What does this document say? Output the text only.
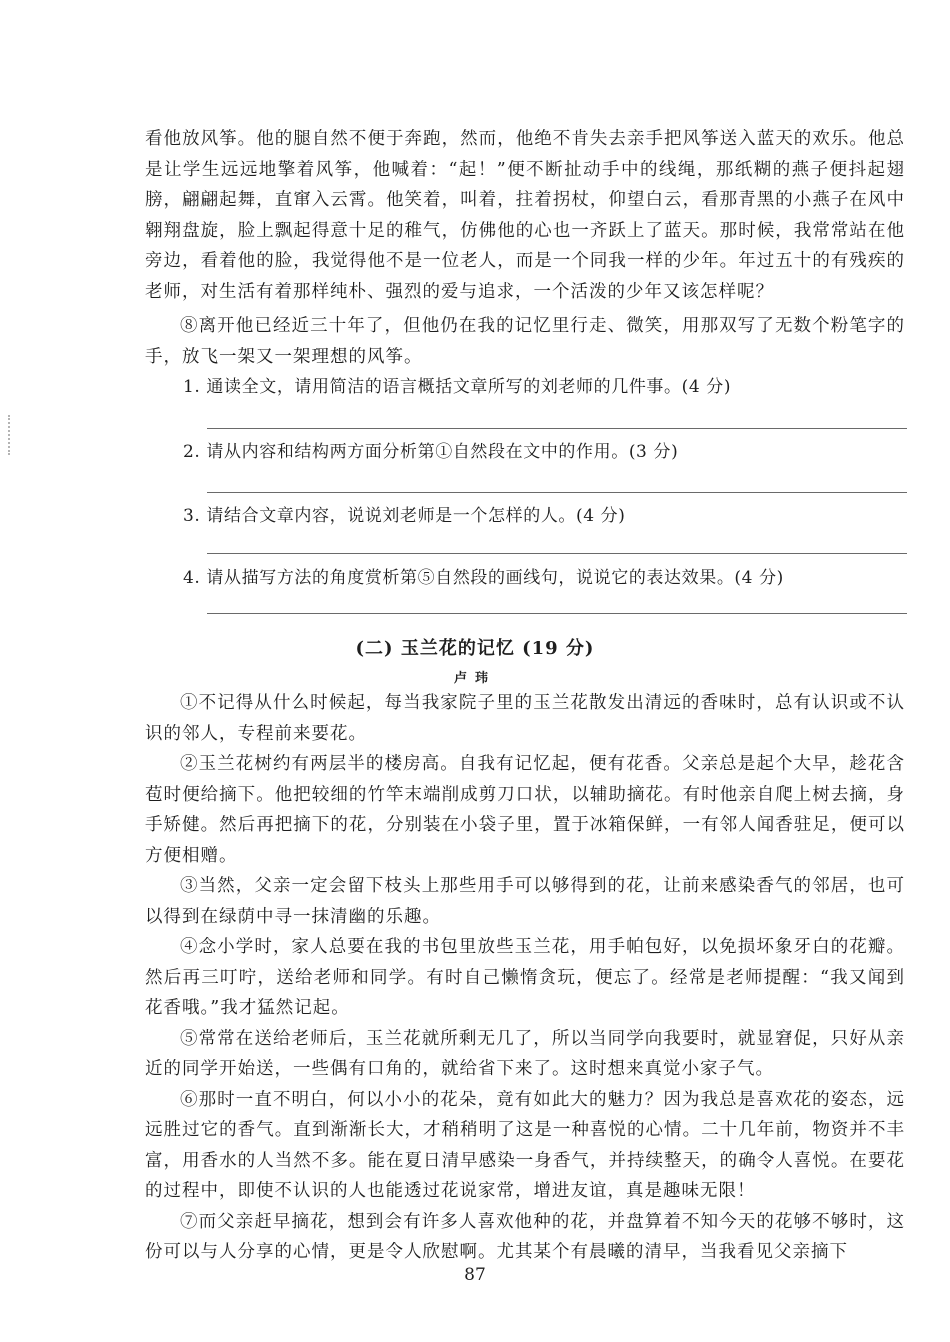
看他放风筝。他的腿自然不便于奔跑，然而，他绝不肯失去亲手把风筝送入蓝天的欢乐。他总是让学生远远地擎着风筝，他喊着：“起！”便不断扯动手中的线绳，那纸糊的燕子便抖起翅膀，翩翩起舞，直窜入云霄。他笑着，叫着，拄着拐杖，仰望白云，看那青黑的小燕子在风中翱翔盘旋，脸上飘起得意十足的稚气，仿佛他的心也一齐跃上了蓝天。那时候，我常常站在他旁边，看着他的脸，我觉得他不是一位老人，而是一个同我一样的少年。年过五十的有残疾的老师，对生活有着那样纯朴、强烈的爱与追求，一个活泼的少年又该怎样呢？

⑧离开他已经近三十年了，但他仍在我的记忆里行走、微笑，用那双写了无数个粉笔字的手，放飞一架又一架理想的风筝。

1. 通读全文，请用简洁的语言概括文章所写的刘老师的几件事。(4 分)

2. 请从内容和结构两方面分析第①自然段在文中的作用。(3 分)

3. 请结合文章内容，说说刘老师是一个怎样的人。(4 分)

4. 请从描写方法的角度赏析第⑤自然段的画线句，说说它的表达效果。(4 分)

(二) 玉兰花的记忆 (19 分)

卢玮

①不记得从什么时候起，每当我家院子里的玉兰花散发出清远的香味时，总有认识或不认识的邻人，专程前来要花。

②玉兰花树约有两层半的楼房高。自我有记忆起，便有花香。父亲总是起个大早，趁花含苞时便给摘下。他把较细的竹竿末端削成剪刀口状，以辅助摘花。有时他亲自爬上树去摘，身手矫健。然后再把摘下的花，分别装在小袋子里，置于冰箱保鲜，一有邻人闻香驻足，便可以方便相赠。

③当然，父亲一定会留下枝头上那些用手可以够得到的花，让前来感染香气的邻居，也可以得到在绿荫中寻一抹清幽的乐趣。

④念小学时，家人总要在我的书包里放些玉兰花，用手帕包好，以免损坏象牙白的花瓣。然后再三叮咛，送给老师和同学。有时自己懒惰贪玩，便忘了。经常是老师提醒：“我又闻到花香哦。”我才猛然记起。

⑤常常在送给老师后，玉兰花就所剩无几了，所以当同学向我要时，就显窘促，只好从亲近的同学开始送，一些偶有口角的，就给省下来了。这时想来真觉小家子气。

⑥那时一直不明白，何以小小的花朵，竟有如此大的魅力？因为我总是喜欢花的姿态，远远胜过它的香气。直到渐渐长大，才稍稍明了这是一种喜悦的心情。二十几年前，物资并不丰富，用香水的人当然不多。能在夏日清早感染一身香气，并持续整天，的确令人喜悦。在要花的过程中，即使不认识的人也能透过花说家常，增进友谊，真是趣味无限！

⑦而父亲赶早摘花，想到会有许多人喜欢他种的花，并盘算着不知今天的花够不够时，这份可以与人分享的心情，更是令人欣慰啊。尤其某个有晨曦的清早，当我看见父亲摘下

87
